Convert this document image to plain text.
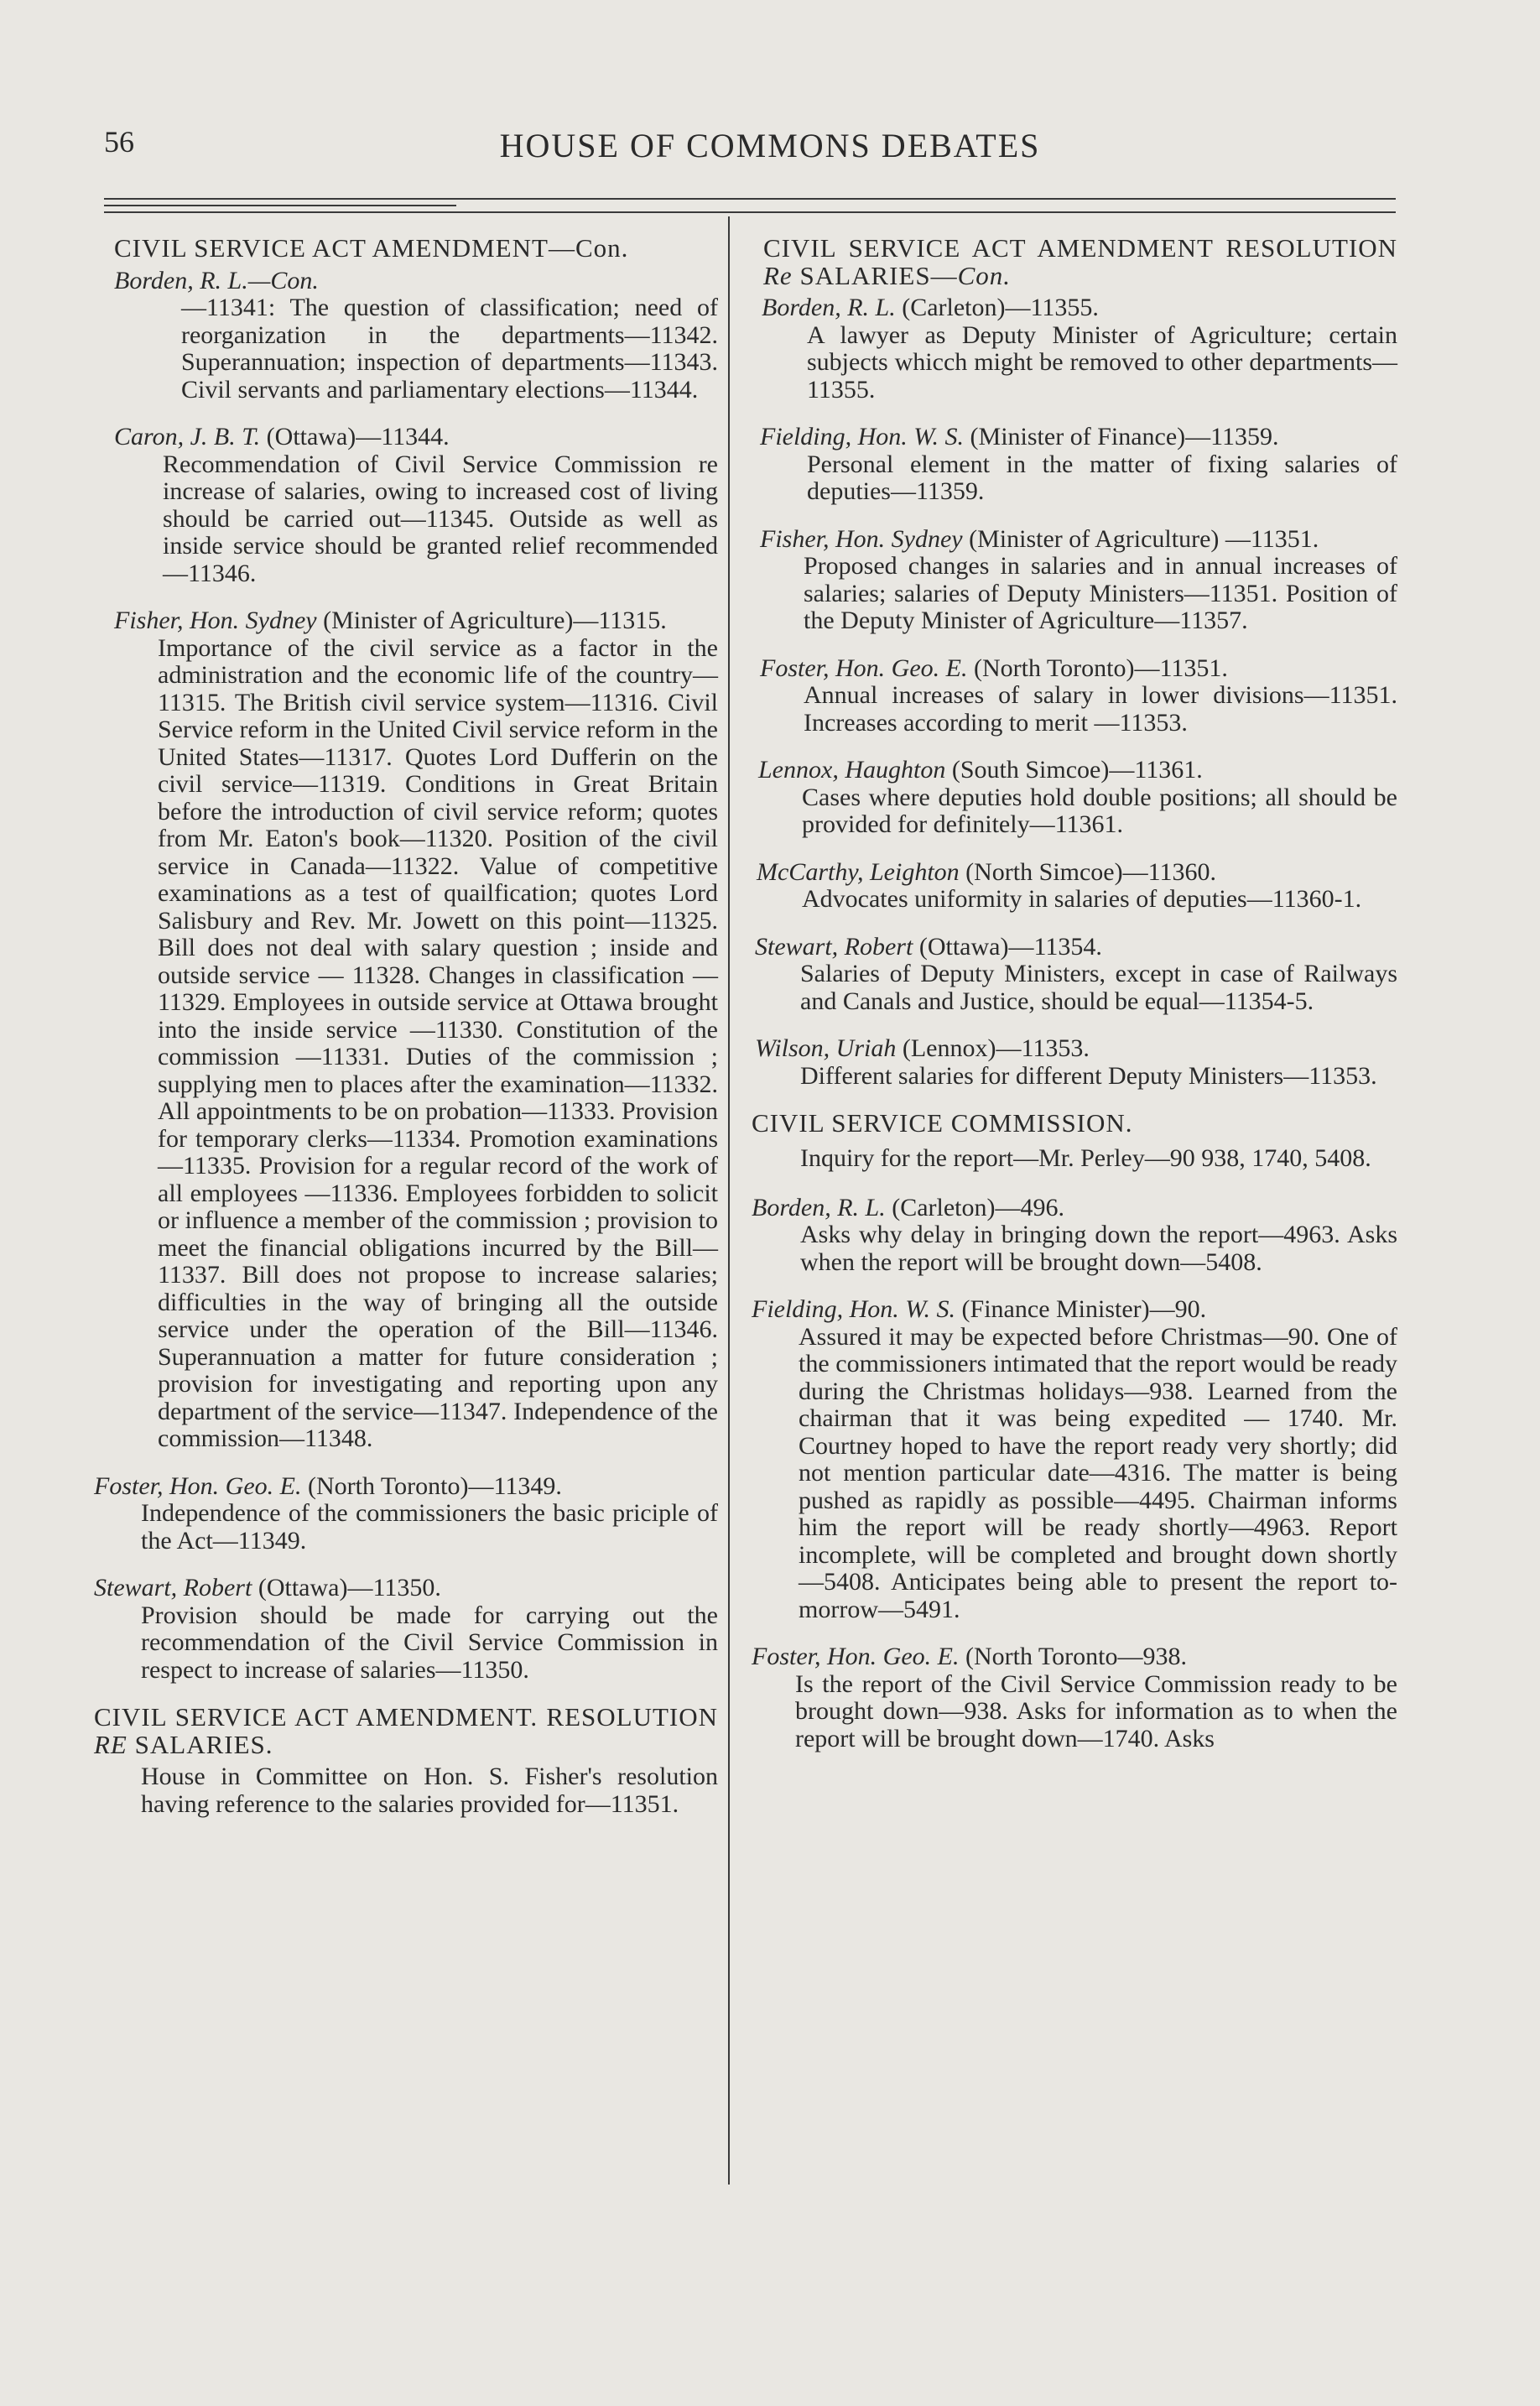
56	HOUSE OF COMMONS DEBATES
CIVIL SERVICE ACT AMENDMENT—Con.
Borden, R. L.—Con.
—11341: The question of classification; need of reorganization in the departments—11342. Superannuation; inspection of departments—11343. Civil servants and parliamentary elections—11344.
Caron, J. B. T. (Ottawa)—11344.
Recommendation of Civil Service Commission re increase of salaries, owing to increased cost of living should be carried out—11345. Outside as well as inside service should be granted relief recommended—11346.
Fisher, Hon. Sydney (Minister of Agriculture)—11315.
Importance of the civil service as a factor in the administration and the economic life of the country—11315. The British civil service system—11316. Civil Service reform in the United Civil service reform in the United States—11317. Quotes Lord Dufferin on the civil service—11319. Conditions in Great Britain before the introduction of civil service reform; quotes from Mr. Eaton's book—11320. Position of the civil service in Canada—11322. Value of competitive examinations as a test of quailfication; quotes Lord Salisbury and Rev. Mr. Jowett on this point—11325. Bill does not deal with salary question ; inside and outside service — 11328. Changes in classification — 11329. Employees in outside service at Ottawa brought into the inside service —11330. Constitution of the commission —11331. Duties of the commission ; supplying men to places after the examination—11332. All appointments to be on probation—11333. Provision for temporary clerks—11334. Promotion examinations—11335. Provision for a regular record of the work of all employees —11336. Employees forbidden to solicit or influence a member of the commission ; provision to meet the financial obligations incurred by the Bill—11337. Bill does not propose to increase salaries; difficulties in the way of bringing all the outside service under the operation of the Bill—11346. Superannuation a matter for future consideration ; provision for investigating and reporting upon any department of the service—11347. Independence of the commission—11348.
Foster, Hon. Geo. E. (North Toronto)—11349.
Independence of the commissioners the basic priciple of the Act—11349.
Stewart, Robert (Ottawa)—11350.
Provision should be made for carrying out the recommendation of the Civil Service Commission in respect to increase of salaries—11350.
CIVIL SERVICE ACT AMENDMENT. RESOLUTION RE SALARIES.
House in Committee on Hon. S. Fisher's resolution having reference to the salaries provided for—11351.
CIVIL SERVICE ACT AMENDMENT RESOLUTION Re SALARIES—Con.
Borden, R. L. (Carleton)—11355.
A lawyer as Deputy Minister of Agriculture; certain subjects whicch might be removed to other departments—11355.
Fielding, Hon. W. S. (Minister of Finance)—11359.
Personal element in the matter of fixing salaries of deputies—11359.
Fisher, Hon. Sydney (Minister of Agriculture) —11351.
Proposed changes in salaries and in annual increases of salaries; salaries of Deputy Ministers—11351. Position of the Deputy Minister of Agriculture—11357.
Foster, Hon. Geo. E. (North Toronto)—11351.
Annual increases of salary in lower divisions—11351. Increases according to merit —11353.
Lennox, Haughton (South Simcoe)—11361.
Cases where deputies hold double positions; all should be provided for definitely—11361.
McCarthy, Leighton (North Simcoe)—11360.
Advocates uniformity in salaries of deputies—11360-1.
Stewart, Robert (Ottawa)—11354.
Salaries of Deputy Ministers, except in case of Railways and Canals and Justice, should be equal—11354-5.
Wilson, Uriah (Lennox)—11353.
Different salaries for different Deputy Ministers—11353.
CIVIL SERVICE COMMISSION.
Inquiry for the report—Mr. Perley—90 938, 1740, 5408.
Borden, R. L. (Carleton)—496.
Asks why delay in bringing down the report—4963. Asks when the report will be brought down—5408.
Fielding, Hon. W. S. (Finance Minister)—90.
Assured it may be expected before Christmas—90. One of the commissioners intimated that the report would be ready during the Christmas holidays—938. Learned from the chairman that it was being expedited — 1740. Mr. Courtney hoped to have the report ready very shortly; did not mention particular date—4316. The matter is being pushed as rapidly as possible—4495. Chairman informs him the report will be ready shortly—4963. Report incomplete, will be completed and brought down shortly —5408. Anticipates being able to present the report to-morrow—5491.
Foster, Hon. Geo. E. (North Toronto—938.
Is the report of the Civil Service Commission ready to be brought down—938. Asks for information as to when the report will be brought down—1740. Asks
